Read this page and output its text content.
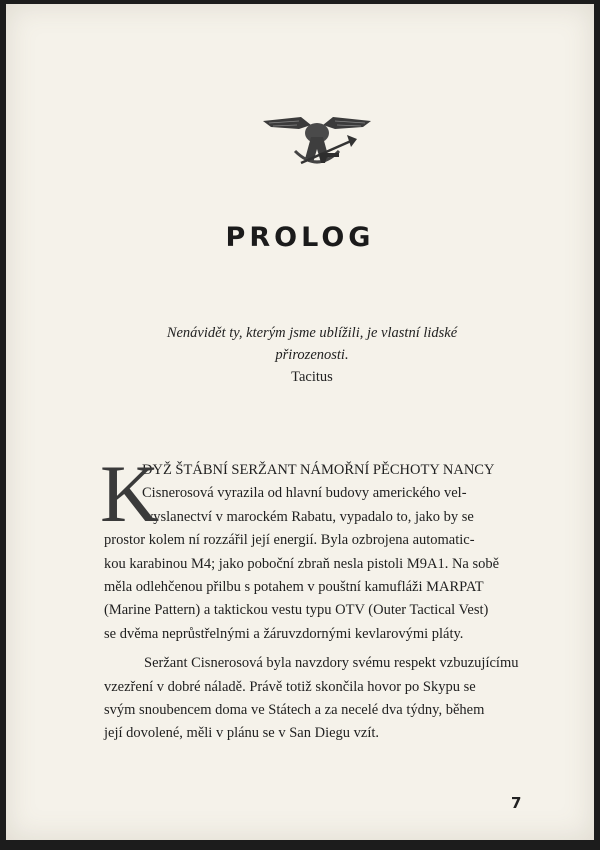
PROLOG
Nenávidět ty, kterým jsme ublížili, je vlastní lidské
přirozenosti.
Tacitus
K
DYŽ ŠTÁBNÍ SERŽANT NÁMOŘNÍ PĚCHOTY NANCY
Cisnerosová vyrazila od hlavní budovy amerického vel-
vyslanectví v marockém Rabatu, vypadalo to, jako by se
prostor kolem ní rozzářil její energií. Byla ozbrojena automatic-
kou karabinou M4; jako poboční zbraň nesla pistoli M9A1. Na sobě
měla odlehčenou přilbu s potahem v pouštní kamufláži MARPAT
(Marine Pattern) a taktickou vestu typu OTV (Outer Tactical Vest)
se dvěma neprůstřelnými a žáruvzdornými kevlarovými pláty.
Seržant Cisnerosová byla navzdory svému respekt vzbuzujícímu
vzezření v dobré náladě. Právě totiž skončila hovor po Skypu se
svým snoubencem doma ve Státech a za necelé dva týdny, během
její dovolené, měli v plánu se v San Diegu vzít.
7
